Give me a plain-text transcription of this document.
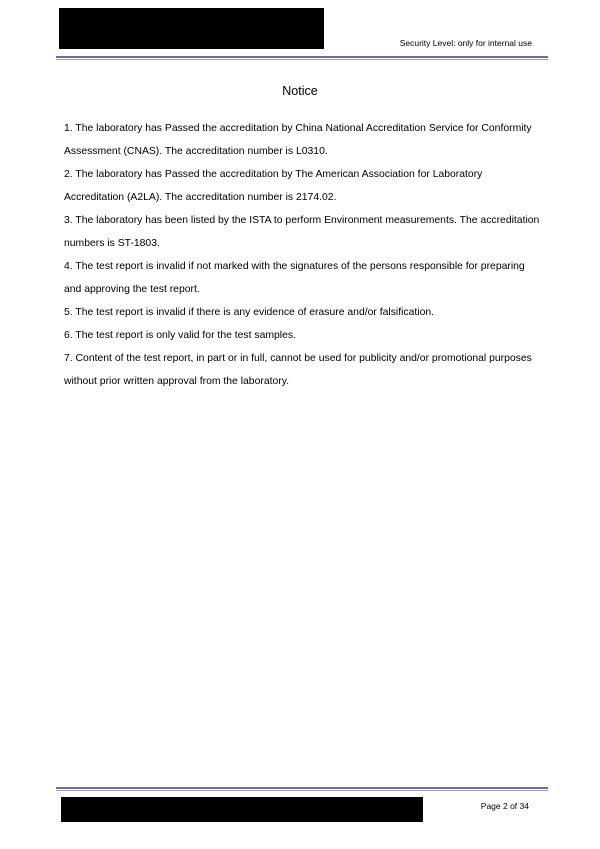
Security Level: only for internal use
Notice
1. The laboratory has Passed the accreditation by China National Accreditation Service for Conformity Assessment (CNAS). The accreditation number is L0310.
2. The laboratory has Passed the accreditation by The American Association for Laboratory Accreditation (A2LA). The accreditation number is 2174.02.
3. The laboratory has been listed by the ISTA to perform Environment measurements. The accreditation numbers is ST-1803.
4. The test report is invalid if not marked with the signatures of the persons responsible for preparing and approving the test report.
5. The test report is invalid if there is any evidence of erasure and/or falsification.
6. The test report is only valid for the test samples.
7. Content of the test report, in part or in full, cannot be used for publicity and/or promotional purposes without prior written approval from the laboratory.
Page 2 of 34
